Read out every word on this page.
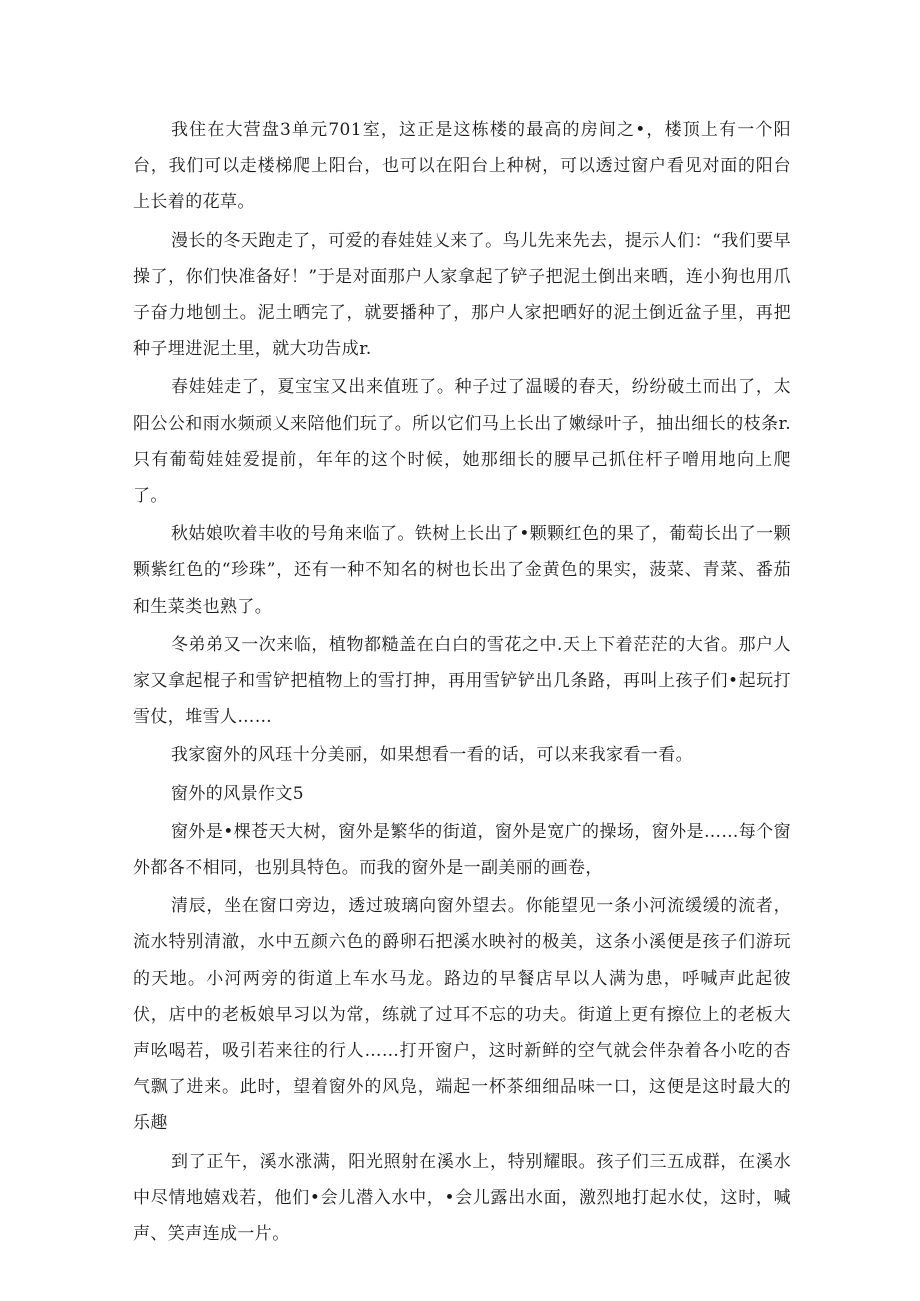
我住在大营盘3单元701室，这正是这栋楼的最高的房间之•，楼顶上有一个阳台，我们可以走楼梯爬上阳台，也可以在阳台上种树，可以透过窗户看见对面的阳台上长着的花草。

漫长的冬天跑走了，可爱的春娃娃乂来了。鸟儿先来先去，提示人们：“我们要早操了，你们快准备好！”于是对面那户人家拿起了铲子把泥土倒出来晒，连小狗也用爪子奋力地刨土。泥土晒完了，就要播种了，那户人家把晒好的泥土倒近盆子里，再把种子埋进泥土里，就大功告成r.

春娃娃走了，夏宝宝又出来值班了。种子过了温暖的春天，纷纷破土而出了，太阳公公和雨水频顽乂来陪他们玩了。所以它们马上长出了嫩绿叶子，抽出细长的枝条r.只有葡萄娃娃爱提前，年年的这个时候，她那细长的腰早己抓住杆子噌用地向上爬了。

秋姑娘吹着丰收的号角来临了。铁树上长出了•颗颗红色的果了，葡萄长出了一颗颗紫红色的“珍珠”，还有一种不知名的树也长出了金黄色的果实，菠菜、青菜、番茄和生菜类也熟了。

冬弟弟又一次来临，植物都糙盖在白白的雪花之中.天上下着茫茫的大省。那户人家又拿起棍子和雪铲把植物上的雪打抻，再用雪铲铲出几条路，再叫上孩子们•起玩打雪仗，堆雪人……

我家窗外的风珏十分美丽，如果想看一看的话，可以来我家看一看。

窗外的风景作文5

窗外是•棵苍天大树，窗外是繁华的街道，窗外是宽广的操场，窗外是……每个窗外都各不相同，也别具特色。而我的窗外是一副美丽的画卷，

清辰，坐在窗口旁边，透过玻璃向窗外望去。你能望见一条小河流缓缓的流者，流水特别清澈，水中五颜六色的爵卵石把溪水映衬的极美，这条小溪便是孩子们游玩的天地。小河两旁的街道上车水马龙。路边的早餐店早以人满为患，呼喊声此起彼伏，店中的老板娘早习以为常，练就了过耳不忘的功夫。街道上更有擦位上的老板大声吆喝若，吸引若来往的行人……打开窗户，这时新鲜的空气就会伴杂着各小吃的杏气飘了进来。此时，望着窗外的风凫，端起一杯茶细细品味一口，这便是这时最大的乐趣

到了正午，溪水涨满，阳光照射在溪水上，特别耀眼。孩子们三五成群，在溪水中尽情地嬉戏若，他们•会儿潜入水中，•会儿露出水面，激烈地打起水仗，这时，喊声、笑声连成一片。
